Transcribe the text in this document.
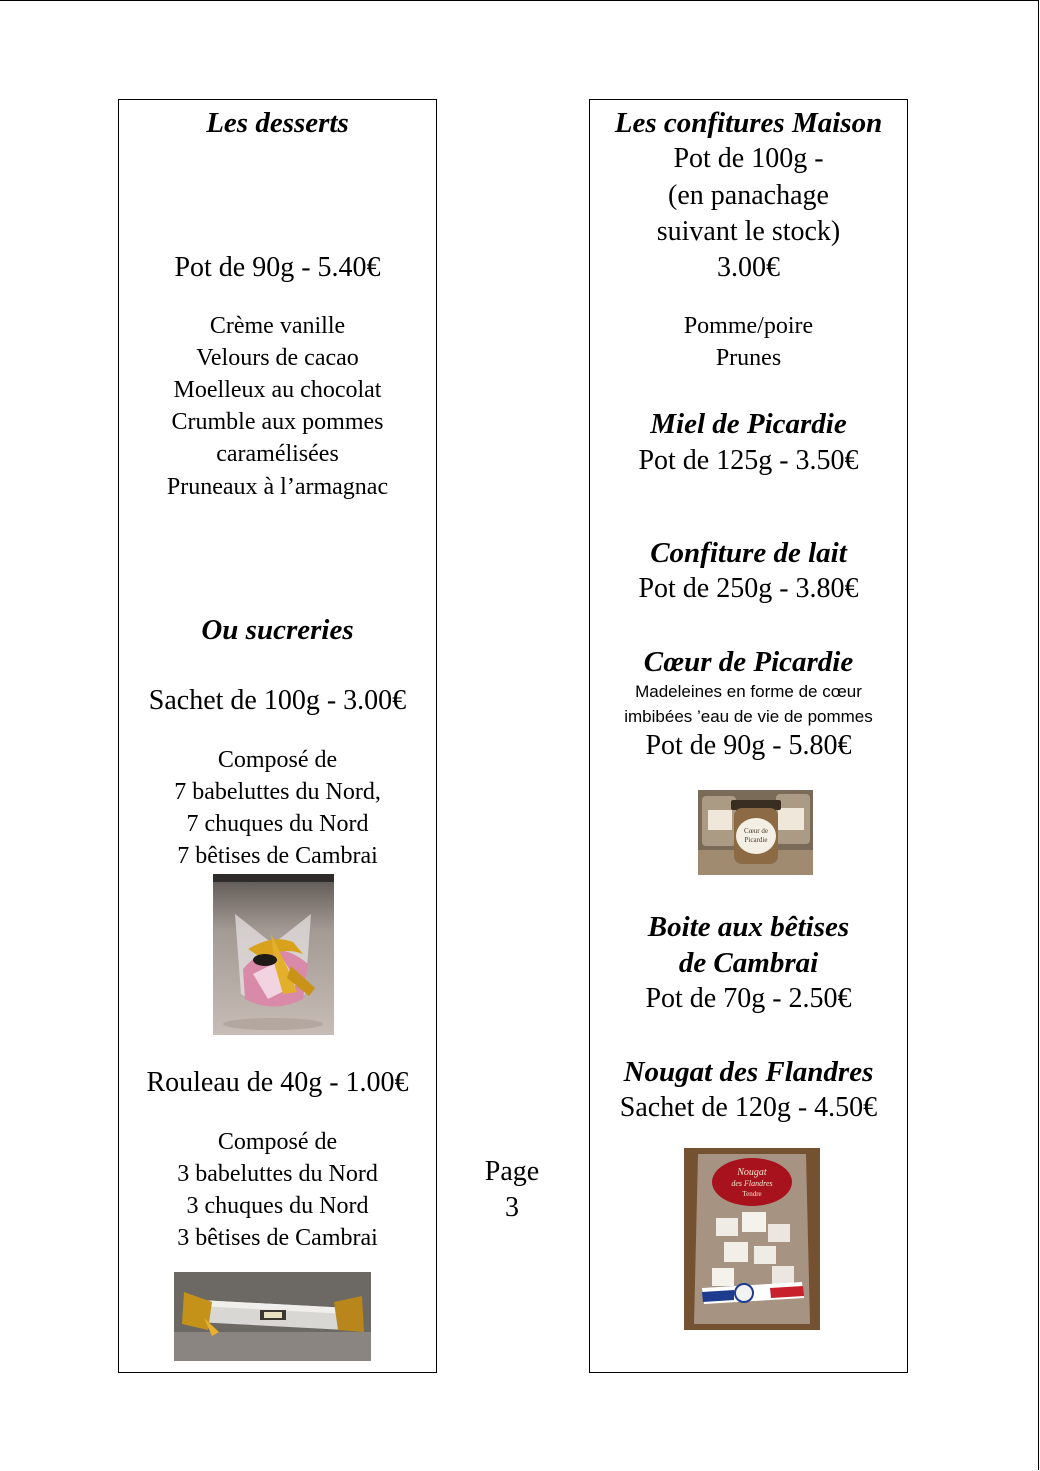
Les desserts
Pot de 90g - 5.40€
Crème vanille
Velours de cacao
Moelleux au chocolat
Crumble aux pommes
caramélisées
Pruneaux à l’armagnac
Ou sucreries
Sachet de 100g - 3.00€
Composé de
7 babeluttes du Nord,
7 chuques du Nord
7 bêtises de Cambrai
Rouleau de 40g - 1.00€
Composé de
3 babeluttes du Nord
3 chuques du Nord
3 bêtises de Cambrai
Les confitures Maison
Pot de 100g -
(en panachage
suivant le stock)
3.00€
Pomme/poire
Prunes
Miel de Picardie
Pot de 125g - 3.50€
Confiture de lait
Pot de 250g - 3.80€
Cœur de Picardie
Madeleines en forme de cœur
imbibées ’eau de vie de pommes
Pot de 90g - 5.80€
Cœur de
Picardie
Boite aux bêtises
de Cambrai
Pot de 70g - 2.50€
Nougat des Flandres
Sachet de 120g - 4.50€
Nougat
des Flandres
Tendre
Page
3
